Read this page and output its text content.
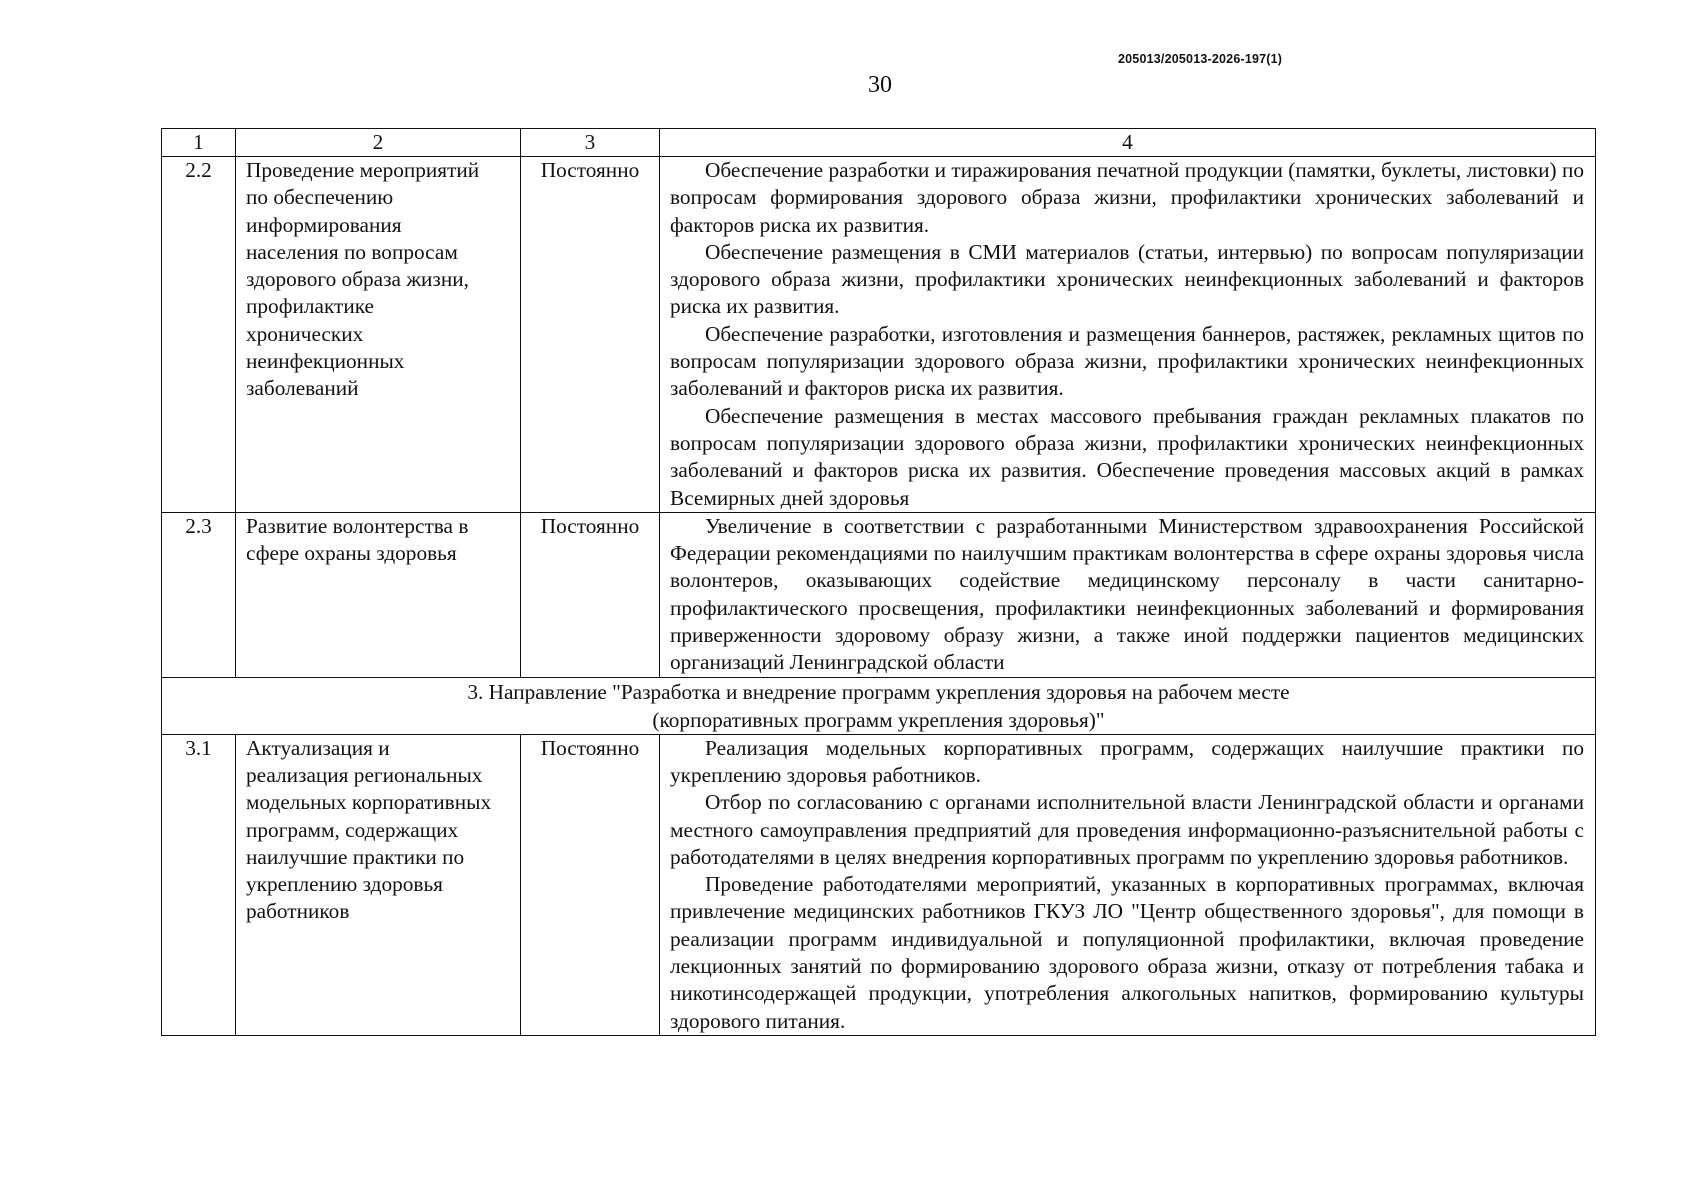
205013/205013-2026-197(1)
30
1	2	3	4
2.2	Проведение мероприятий по обеспечению информирования населения по вопросам здорового образа жизни, профилактике хронических неинфекционных заболеваний	Постоянно	Обеспечение разработки и тиражирования печатной продукции (памятки, буклеты, листовки) по вопросам формирования здорового образа жизни, профилактики хронических заболеваний и факторов риска их развития.

Обеспечение размещения в СМИ материалов (статьи, интервью) по вопросам популяризации здорового образа жизни, профилактики хронических неинфекционных заболеваний и факторов риска их развития.

Обеспечение разработки, изготовления и размещения баннеров, растяжек, рекламных щитов по вопросам популяризации здорового образа жизни, профилактики хронических неинфекционных заболеваний и факторов риска их развития.

Обеспечение размещения в местах массового пребывания граждан рекламных плакатов по вопросам популяризации здорового образа жизни, профилактики хронических неинфекционных заболеваний и факторов риска их развития. Обеспечение проведения массовых акций в рамках Всемирных дней здоровья

2.3	Развитие волонтерства в сфере охраны здоровья	Постоянно	Увеличение в соответствии с разработанными Министерством здравоохранения Российской Федерации рекомендациями по наилучшим практикам волонтерства в сфере охраны здоровья числа волонтеров, оказывающих содействие медицинскому персоналу в части санитарно-профилактического просвещения, профилактики неинфекционных заболеваний и формирования приверженности здоровому образу жизни, а также иной поддержки пациентов медицинских организаций Ленинградской области

3. Направление "Разработка и внедрение программ укрепления здоровья на рабочем месте
(корпоративных программ укрепления здоровья)"			

3.1	Актуализация и реализация региональных модельных корпоративных программ, содержащих наилучшие практики по укреплению здоровья работников	Постоянно	Реализация модельных корпоративных программ, содержащих наилучшие практики по укреплению здоровья работников.

Отбор по согласованию с органами исполнительной власти Ленинградской области и органами местного самоуправления предприятий для проведения информационно-разъяснительной работы с работодателями в целях внедрения корпоративных программ по укреплению здоровья работников.

Проведение работодателями мероприятий, указанных в корпоративных программах, включая привлечение медицинских работников ГКУЗ ЛО "Центр общественного здоровья", для помощи в реализации программ индивидуальной и популяционной профилактики, включая проведение лекционных занятий по формированию здорового образа жизни, отказу от потребления табака и никотинсодержащей продукции, употребления алкогольных напитков, формированию культуры здорового питания.
